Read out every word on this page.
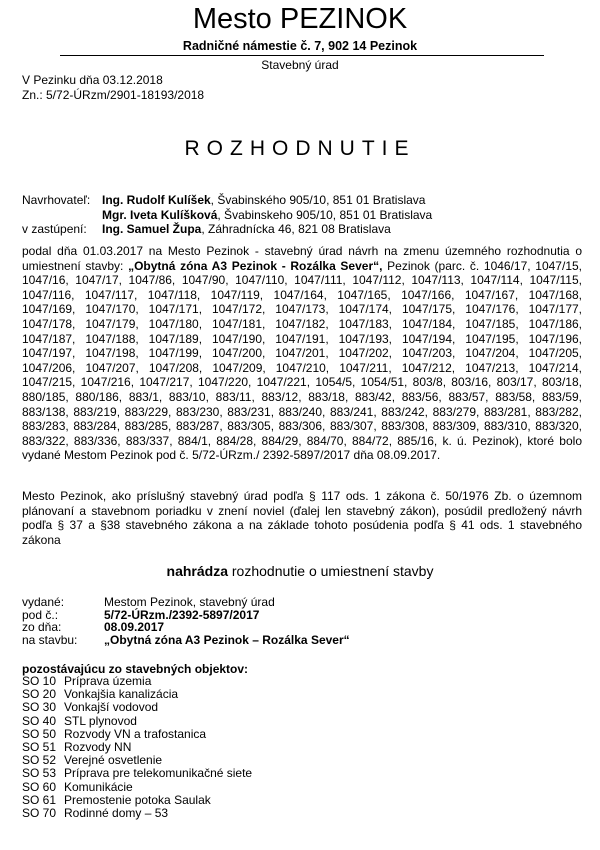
Mesto PEZINOK
Radničné námestie č. 7, 902 14 Pezinok
Stavebný úrad
V Pezinku dňa 03.12.2018
Zn.: 5/72-ÚRzm/2901-18193/2018
ROZHODNUTIE
Navrhovateľ: Ing. Rudolf Kulíšek, Švabinského 905/10, 851 01 Bratislava
Mgr. Iveta Kulíšková, Švabinskeho 905/10, 851 01 Bratislava
v zastúpení:	Ing. Samuel Župa, Záhradnícka 46, 821 08 Bratislava
podal dňa 01.03.2017 na Mesto Pezinok - stavebný úrad návrh na zmenu územného rozhodnutia o umiestnení stavby: „Obytná zóna A3 Pezinok - Rozálka Sever“, Pezinok (parc. č. 1046/17, 1047/15, 1047/16, 1047/17, 1047/86, 1047/90, 1047/110, 1047/111, 1047/112, 1047/113, 1047/114, 1047/115, 1047/116, 1047/117, 1047/118, 1047/119, 1047/164, 1047/165, 1047/166, 1047/167, 1047/168, 1047/169, 1047/170, 1047/171, 1047/172, 1047/173, 1047/174, 1047/175, 1047/176, 1047/177, 1047/178, 1047/179, 1047/180, 1047/181, 1047/182, 1047/183, 1047/184, 1047/185, 1047/186, 1047/187, 1047/188, 1047/189, 1047/190, 1047/191, 1047/193, 1047/194, 1047/195, 1047/196, 1047/197, 1047/198, 1047/199, 1047/200, 1047/201, 1047/202, 1047/203, 1047/204, 1047/205, 1047/206, 1047/207, 1047/208, 1047/209, 1047/210, 1047/211, 1047/212, 1047/213, 1047/214, 1047/215, 1047/216, 1047/217, 1047/220, 1047/221, 1054/5, 1054/51, 803/8, 803/16, 803/17, 803/18, 880/185, 880/186, 883/1, 883/10, 883/11, 883/12, 883/18, 883/42, 883/56, 883/57, 883/58, 883/59, 883/138, 883/219, 883/229, 883/230, 883/231, 883/240, 883/241, 883/242, 883/279, 883/281, 883/282, 883/283, 883/284, 883/285, 883/287, 883/305, 883/306, 883/307, 883/308, 883/309, 883/310, 883/320, 883/322, 883/336, 883/337, 884/1, 884/28, 884/29, 884/70, 884/72, 885/16, k. ú. Pezinok), ktoré bolo vydané Mestom Pezinok pod č. 5/72-ÚRzm./ 2392-5897/2017 dňa 08.09.2017.
Mesto Pezinok, ako príslušný stavebný úrad podľa § 117 ods. 1 zákona č. 50/1976 Zb. o územnom plánovaní a stavebnom poriadku v znení noviel (ďalej len stavebný zákon), posúdil predložený návrh podľa § 37 a §38 stavebného zákona a na základe tohoto posúdenia podľa § 41 ods. 1 stavebného zákona
nahrádza rozhodnutie o umiestnení stavby
vydané:	Mestom Pezinok, stavebný úrad
pod č.:	5/72-ÚRzm./2392-5897/2017
zo dňa:	08.09.2017
na stavbu:	„Obytná zóna A3 Pezinok – Rozálka Sever“
pozostávajúcu zo stavebných objektov:
SO 10 Príprava územia
SO 20 Vonkajšia kanalizácia
SO 30 Vonkajší vodovod
SO 40 STL plynovod
SO 50 Rozvody VN a trafostanica
SO 51 Rozvody NN
SO 52 Verejné osvetlenie
SO 53 Príprava pre telekomunikačné siete
SO 60 Komunikácie
SO 61 Premostenie potoka Saulak
SO 70 Rodinné domy – 53
